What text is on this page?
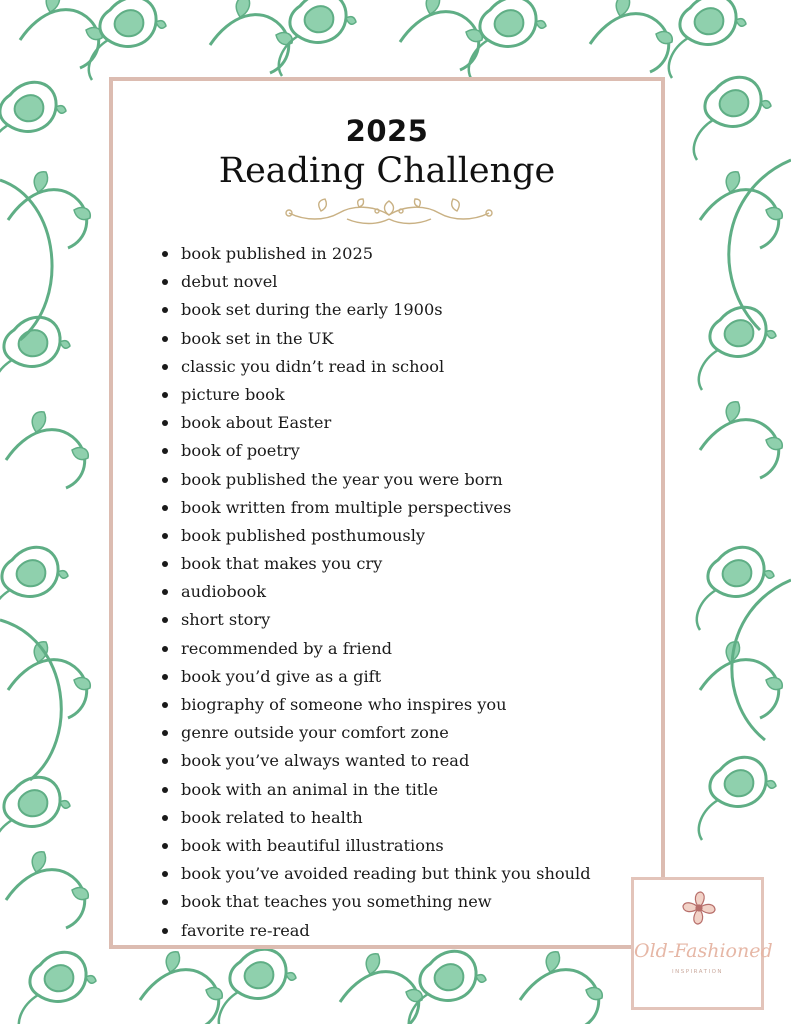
2025
Reading Challenge
book published in 2025
debut novel
book set during the early 1900s
book set in the UK
classic you didn’t read in school
picture book
book about Easter
book of poetry
book published the year you were born
book written from multiple perspectives
book published posthumously
book that makes you cry
audiobook
short story
recommended by a friend
book you’d give as a gift
biography of someone who inspires you
genre outside your comfort zone
book you’ve always wanted to read
book with an animal in the title
book related to health
book with beautiful illustrations
book you’ve avoided reading but think you should
book that teaches you something new
favorite re-read
Old-Fashioned
INSPIRATION
